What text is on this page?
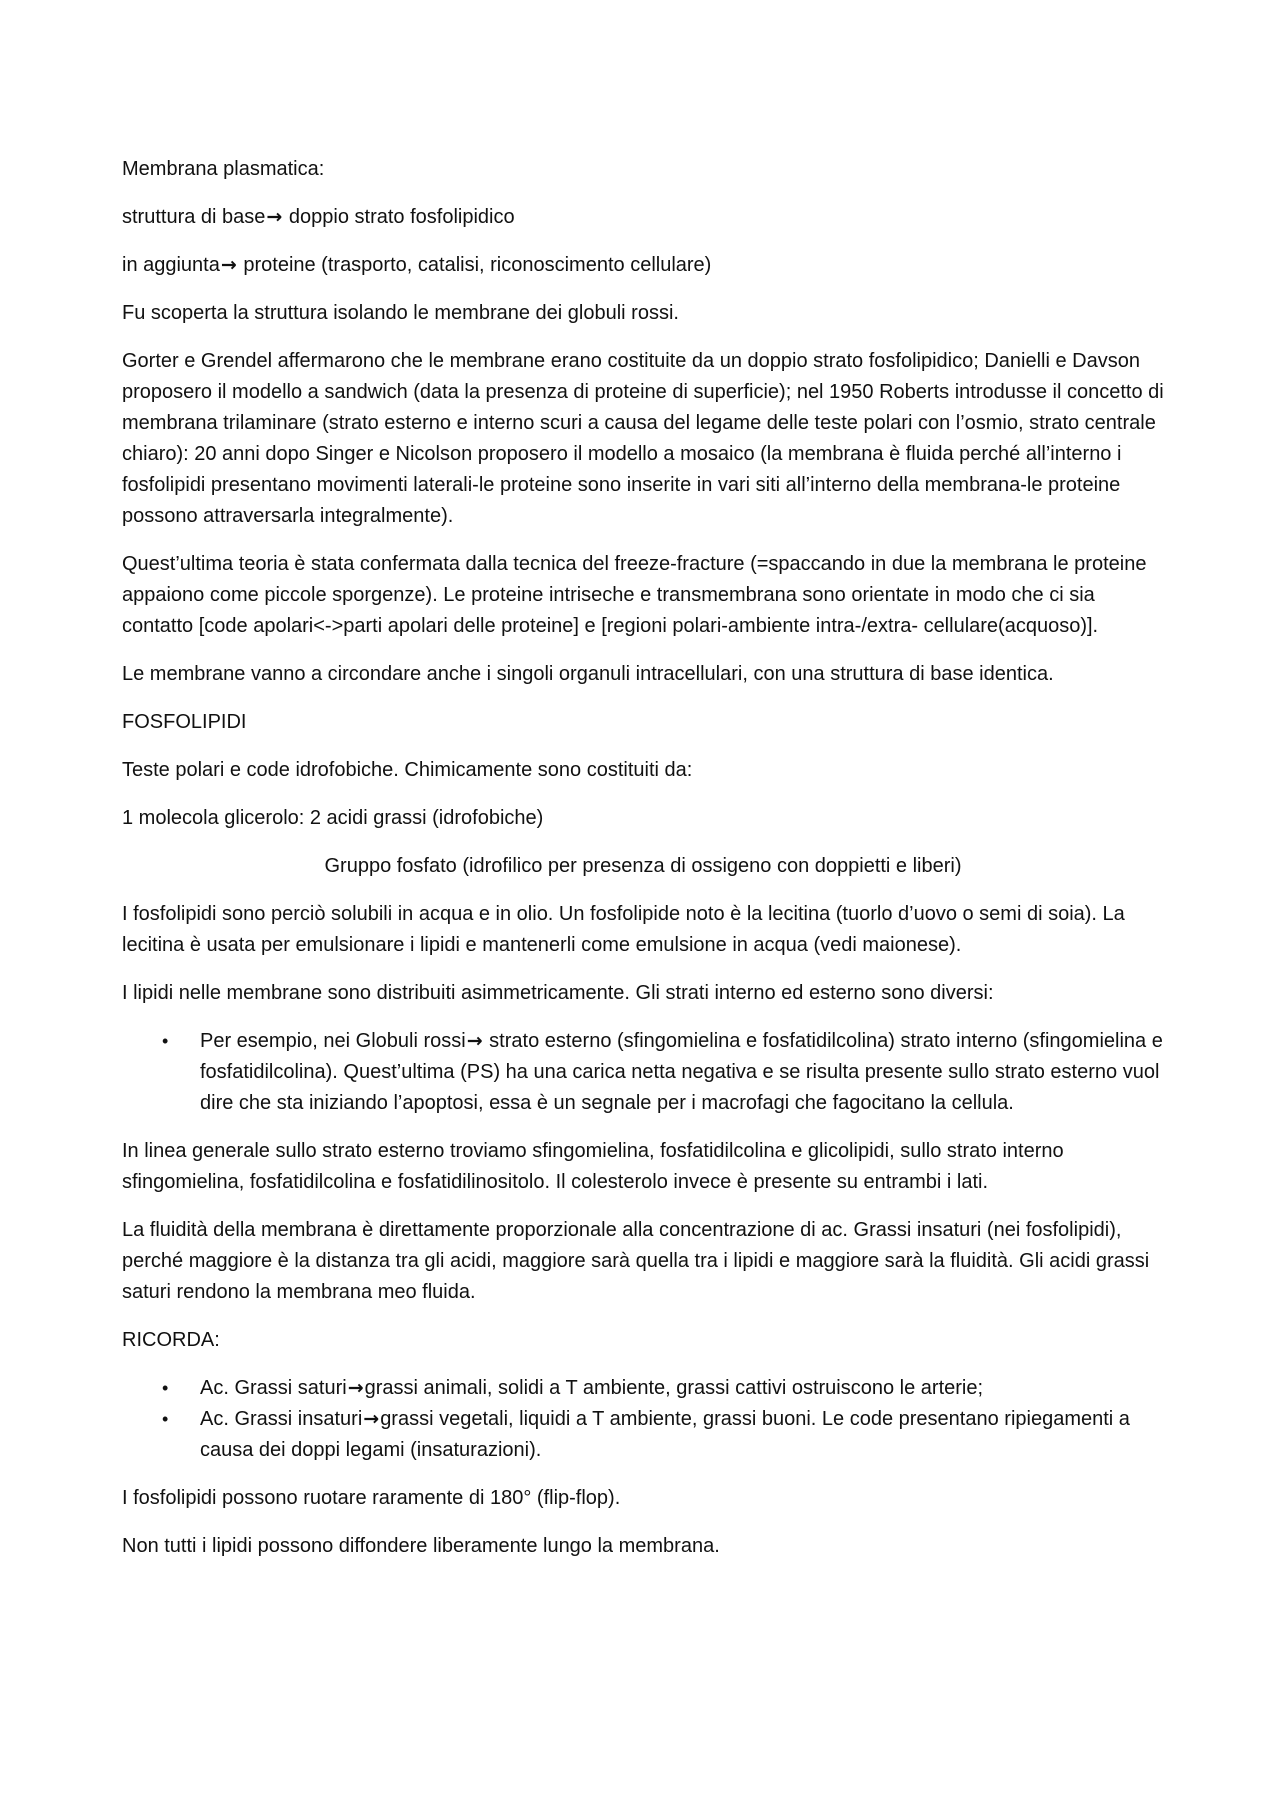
Membrana plasmatica:

struttura di base→ doppio strato fosfolipidico

in aggiunta→ proteine (trasporto, catalisi, riconoscimento cellulare)

Fu scoperta la struttura isolando le membrane dei globuli rossi.

Gorter e Grendel affermarono che le membrane erano costituite da un doppio strato fosfolipidico; Danielli e Davson proposero il modello a sandwich (data la presenza di proteine di superficie); nel 1950 Roberts introdusse il concetto di membrana trilaminare (strato esterno e interno scuri a causa del legame delle teste polari con l’osmio, strato centrale chiaro): 20 anni dopo Singer e Nicolson proposero il modello a mosaico (la membrana è fluida perché all’interno i fosfolipidi presentano movimenti laterali-le proteine sono inserite in vari siti all’interno della membrana-le proteine possono attraversarla integralmente).

Quest’ultima teoria è stata confermata dalla tecnica del freeze-fracture (=spaccando in due la membrana le proteine appaiono come piccole sporgenze). Le proteine intriseche e transmembrana sono orientate in modo che ci sia contatto [code apolari<->parti apolari delle proteine] e [regioni polari-ambiente intra-/extra- cellulare(acquoso)].

Le membrane vanno a circondare anche i singoli organuli intracellulari, con una struttura di base identica.

FOSFOLIPIDI

Teste polari e code idrofobiche. Chimicamente sono costituiti da:

1 molecola glicerolo: 2 acidi grassi (idrofobiche)

Gruppo fosfato (idrofilico per presenza di ossigeno con doppietti e liberi)

I fosfolipidi sono perciò solubili in acqua e in olio. Un fosfolipide noto è la lecitina (tuorlo d’uovo o semi di soia). La lecitina è usata per emulsionare i lipidi e mantenerli come emulsione in acqua (vedi maionese).

I lipidi nelle membrane sono distribuiti asimmetricamente. Gli strati interno ed esterno sono diversi:

• Per esempio, nei Globuli rossi→ strato esterno (sfingomielina e fosfatidilcolina) strato interno (sfingomielina e fosfatidilcolina). Quest’ultima (PS) ha una carica netta negativa e se risulta presente sullo strato esterno vuol dire che sta iniziando l’apoptosi, essa è un segnale per i macrofagi che fagocitano la cellula.

In linea generale sullo strato esterno troviamo sfingomielina, fosfatidilcolina e glicolipidi, sullo strato interno sfingomielina, fosfatidilcolina e fosfatidilinositolo. Il colesterolo invece è presente su entrambi i lati.

La fluidità della membrana è direttamente proporzionale alla concentrazione di ac. Grassi insaturi (nei fosfolipidi), perché maggiore è la distanza tra gli acidi, maggiore sarà quella tra i lipidi e maggiore sarà la fluidità. Gli acidi grassi saturi rendono la membrana meo fluida.

RICORDA:

• Ac. Grassi saturi→grassi animali, solidi a T ambiente, grassi cattivi ostruiscono le arterie;
• Ac. Grassi insaturi→grassi vegetali, liquidi a T ambiente, grassi buoni. Le code presentano ripiegamenti a causa dei doppi legami (insaturazioni).

I fosfolipidi possono ruotare raramente di 180° (flip-flop).

Non tutti i lipidi possono diffondere liberamente lungo la membrana.
